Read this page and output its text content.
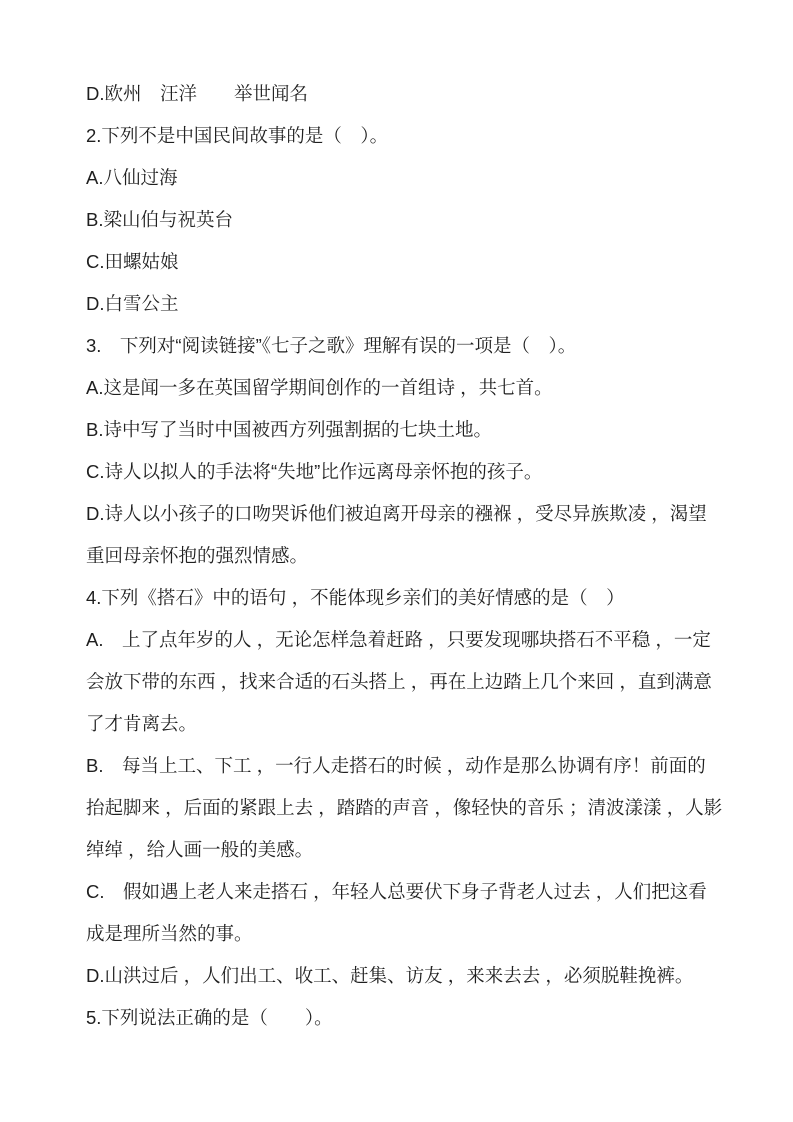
D.欧州　汪洋　　举世闻名
2.下列不是中国民间故事的是（　）。
A.八仙过海
B.梁山伯与祝英台
C.田螺姑娘
D.白雪公主
3.　下列对“阅读链接”《七子之歌》理解有误的一项是（　）。
A.这是闻一多在英国留学期间创作的一首组诗 ，共七首。
B.诗中写了当时中国被西方列强割据的七块土地。
C.诗人以拟人的手法将“失地”比作远离母亲怀抱的孩子。
D.诗人以小孩子的口吻哭诉他们被迫离开母亲的襁褓 ，受尽异族欺凌 ，渴望
重回母亲怀抱的强烈情感。
4.下列《搭石》中的语句 ，不能体现乡亲们的美好情感的是（　）
A.　上了点年岁的人 ，无论怎样急着赶路 ，只要发现哪块搭石不平稳 ，一定
会放下带的东西 ，找来合适的石头搭上 ，再在上边踏上几个来回 ，直到满意
了才肯离去。
B.　每当上工、下工 ，一行人走搭石的时候 ，动作是那么协调有序！前面的
抬起脚来 ，后面的紧跟上去 ，踏踏的声音 ，像轻快的音乐 ；清波漾漾 ，人影
绰绰 ，给人画一般的美感。
C.　假如遇上老人来走搭石 ，年轻人总要伏下身子背老人过去 ，人们把这看
成是理所当然的事。
D.山洪过后 ，人们出工、收工、赶集、访友 ，来来去去 ，必须脱鞋挽裤。
5.下列说法正确的是（　　）。
